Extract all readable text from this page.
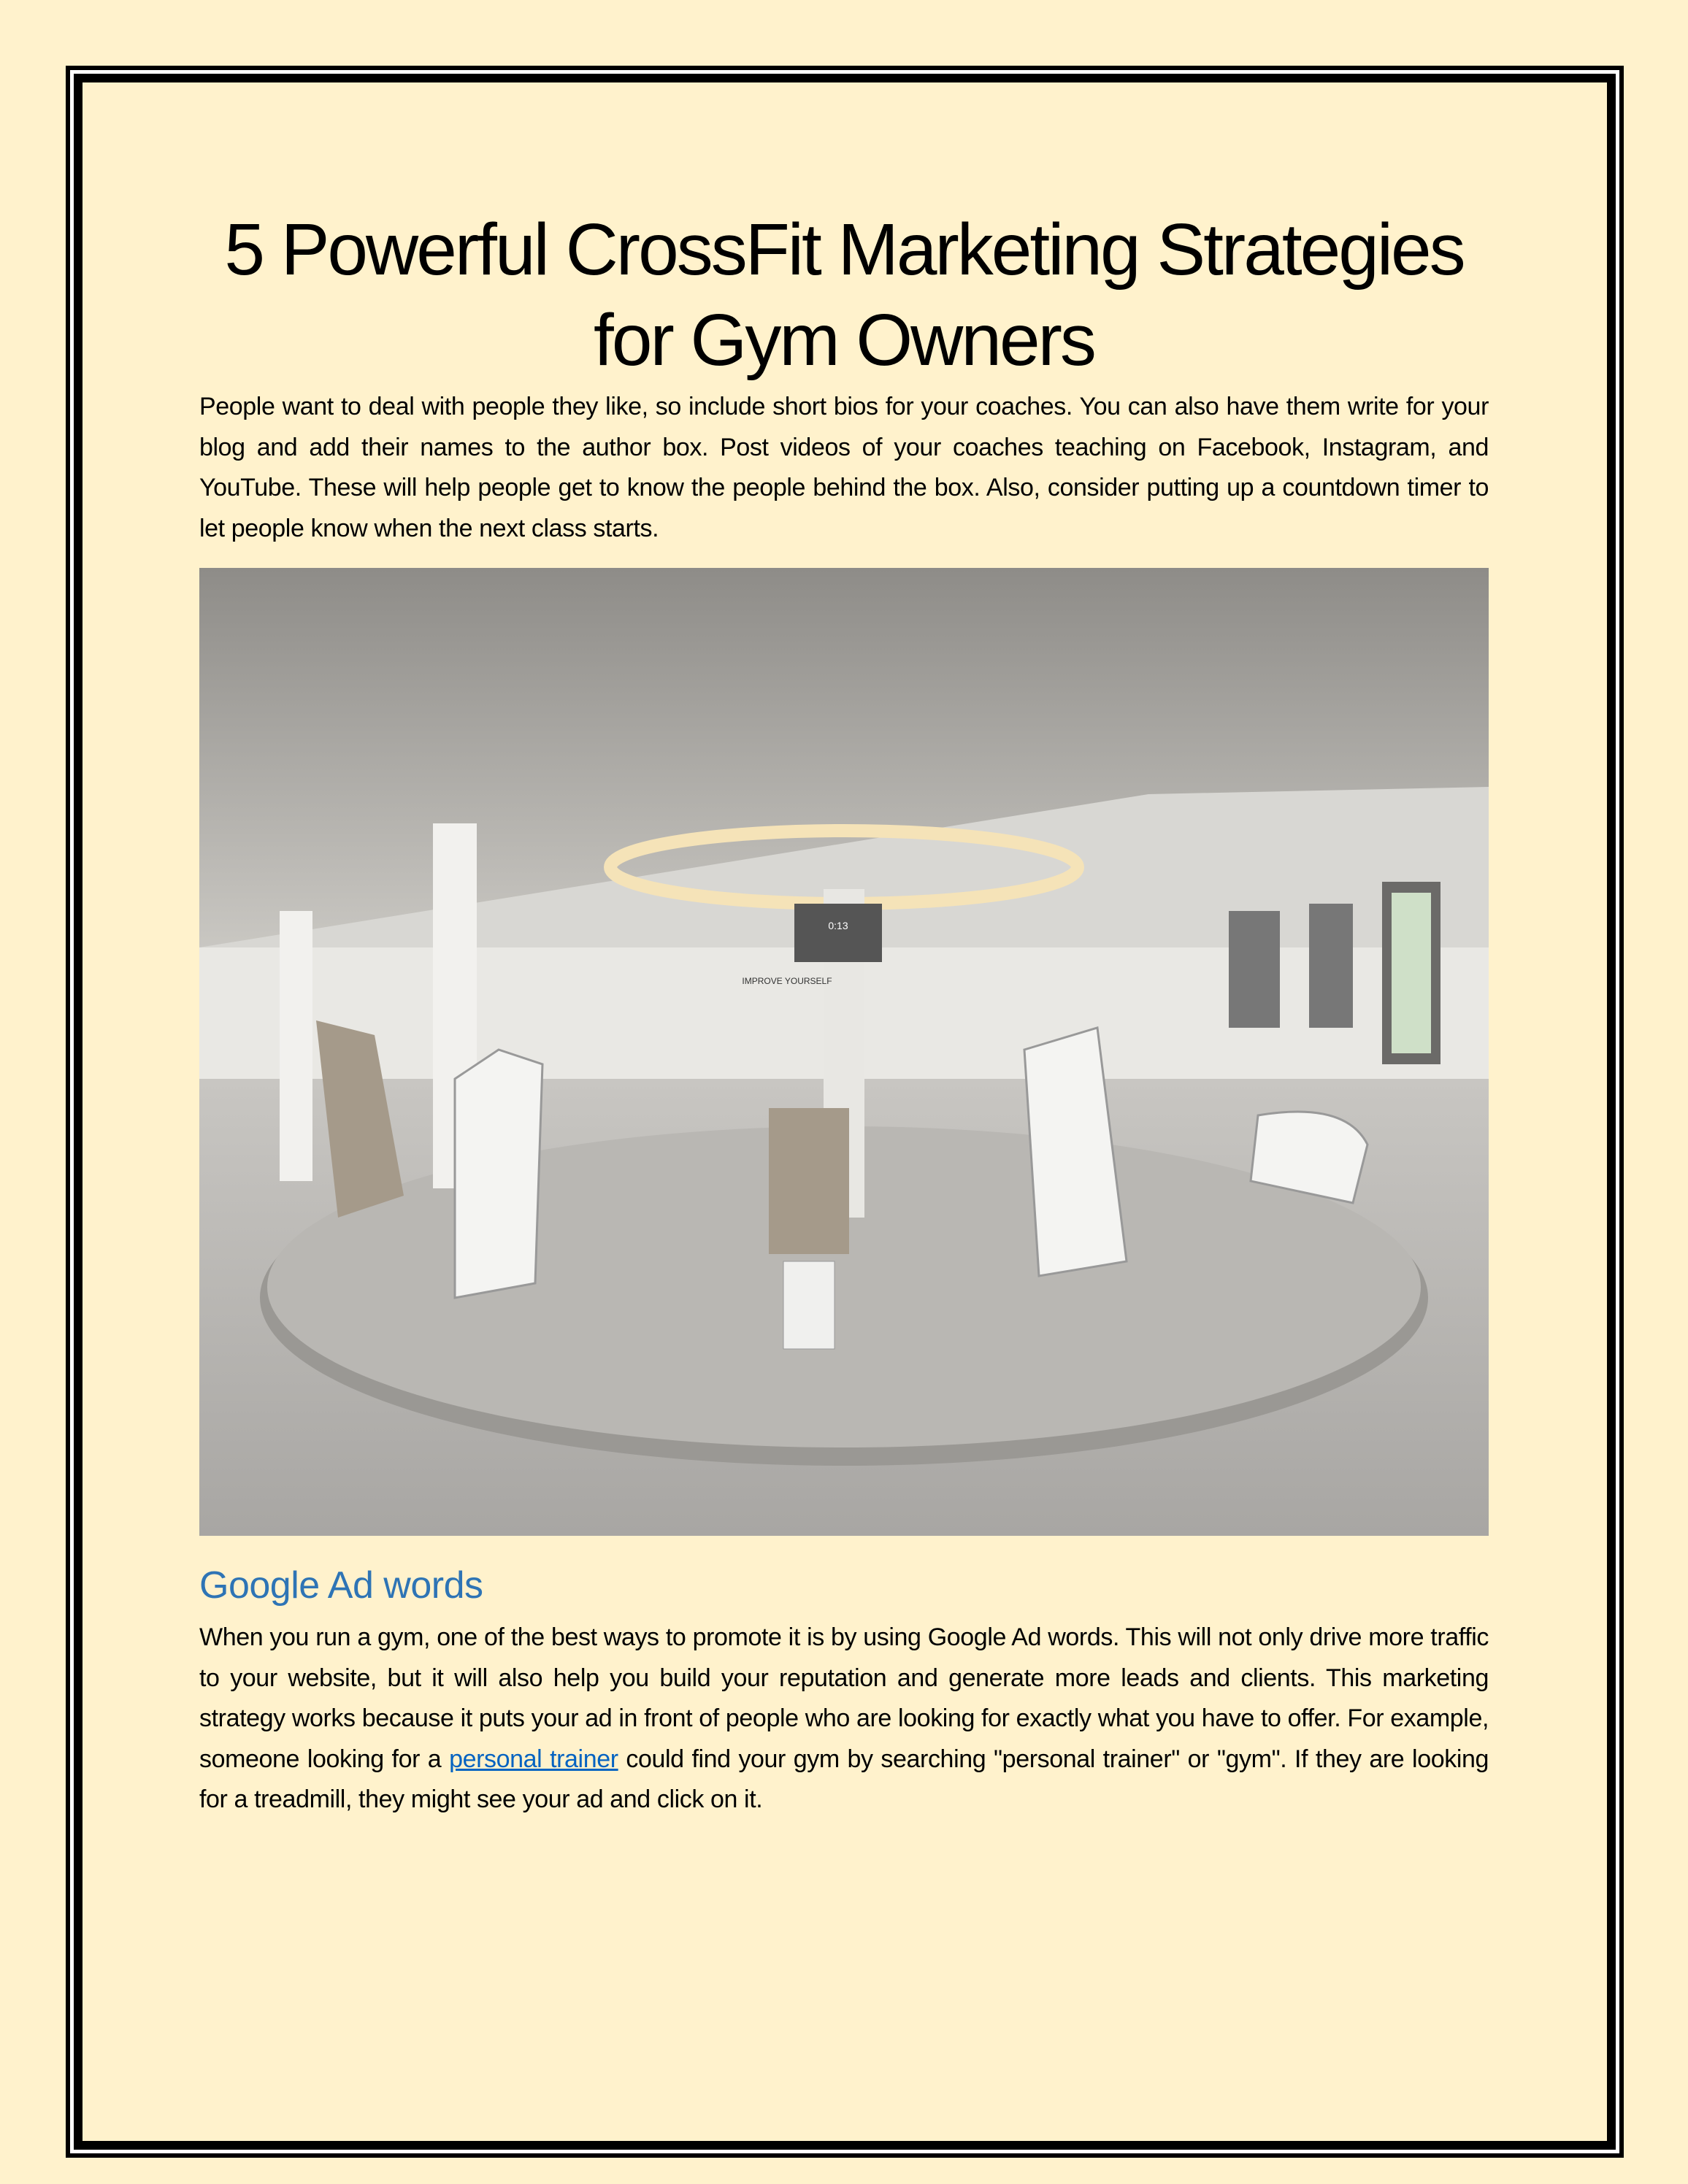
5 Powerful CrossFit Marketing Strategies for Gym Owners

People want to deal with people they like, so include short bios for your coaches. You can also have them write for your blog and add their names to the author box. Post videos of your coaches teaching on Facebook, Instagram, and YouTube. These will help people get to know the people behind the box. Also, consider putting up a countdown timer to let people know when the next class starts.

0:13
IMPROVE YOURSELF
Google Ad words

When you run a gym, one of the best ways to promote it is by using Google Ad words. This will not only drive more traffic to your website, but it will also help you build your reputation and generate more leads and clients. This marketing strategy works because it puts your ad in front of people who are looking for exactly what you have to offer. For example, someone looking for a personal trainer could find your gym by searching "personal trainer" or "gym". If they are looking for a treadmill, they might see your ad and click on it.
